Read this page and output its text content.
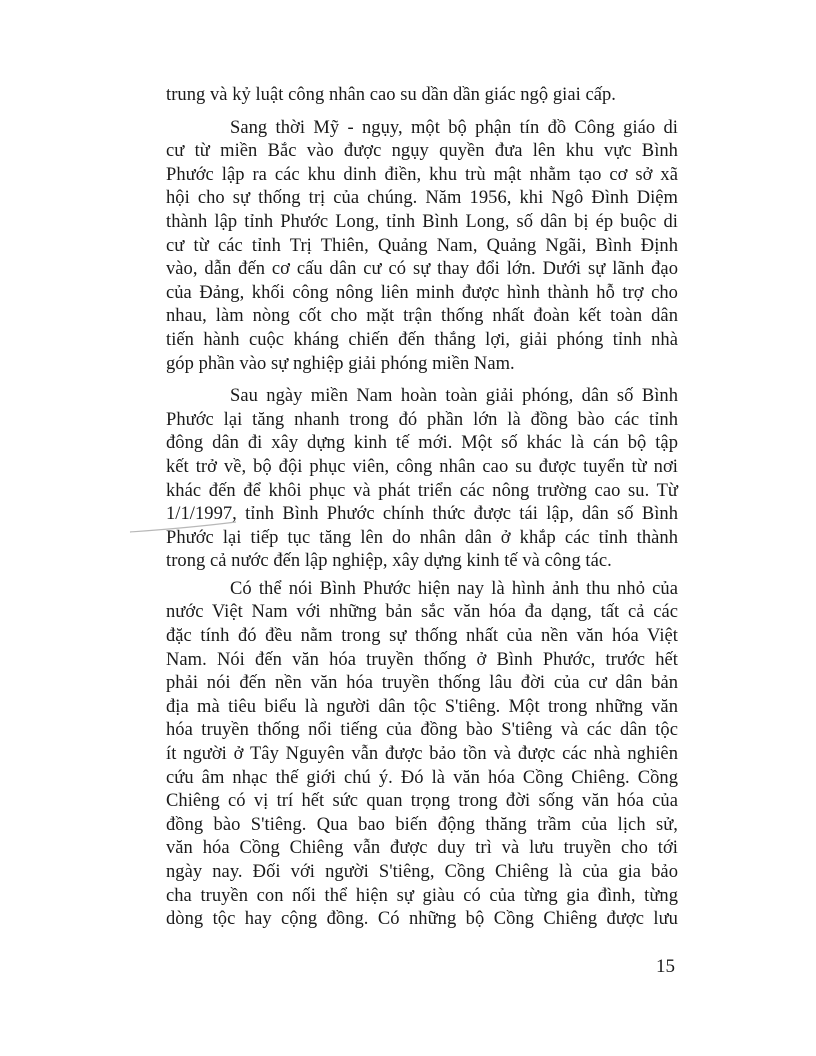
trung và kỷ luật công nhân cao su dần dần giác ngộ giai cấp.
Sang thời Mỹ - ngụy, một bộ phận tín đồ Công giáo di
cư từ miền Bắc vào được ngụy quyền đưa lên khu vực Bình
Phước lập ra các khu dinh điền, khu trù mật nhằm tạo cơ sở xã
hội cho sự thống trị của chúng. Năm 1956, khi Ngô Đình Diệm
thành lập tỉnh Phước Long, tỉnh Bình Long, số dân bị ép buộc di
cư từ các tỉnh Trị Thiên, Quảng Nam, Quảng Ngãi, Bình Định
vào, dẫn đến cơ cấu dân cư có sự thay đổi lớn. Dưới sự lãnh đạo
của Đảng, khối công nông liên minh được hình thành hỗ trợ cho
nhau, làm nòng cốt cho mặt trận thống nhất đoàn kết toàn dân
tiến hành cuộc kháng chiến đến thắng lợi, giải phóng tỉnh nhà
góp phần vào sự nghiệp giải phóng miền Nam.
Sau ngày miền Nam hoàn toàn giải phóng, dân số Bình
Phước lại tăng nhanh trong đó phần lớn là đồng bào các tỉnh
đông dân đi xây dựng kinh tế mới. Một số khác là cán bộ tập
kết trở về, bộ đội phục viên, công nhân cao su được tuyển từ nơi
khác đến để khôi phục và phát triển các nông trường cao su. Từ
1/1/1997, tỉnh Bình Phước chính thức được tái lập, dân số Bình
Phước lại tiếp tục tăng lên do nhân dân ở khắp các tỉnh thành
trong cả nước đến lập nghiệp, xây dựng kinh tế và công tác.
Có thể nói Bình Phước hiện nay là hình ảnh thu nhỏ của
nước Việt Nam với những bản sắc văn hóa đa dạng, tất cả các
đặc tính đó đều nằm trong sự thống nhất của nền văn hóa Việt
Nam. Nói đến văn hóa truyền thống ở Bình Phước, trước hết
phải nói đến nền văn hóa truyền thống lâu đời của cư dân bản
địa mà tiêu biểu là người dân tộc S'tiêng. Một trong những văn
hóa truyền thống nổi tiếng của đồng bào S'tiêng và các dân tộc
ít người ở Tây Nguyên vẫn được bảo tồn và được các nhà nghiên
cứu âm nhạc thế giới chú ý. Đó là văn hóa Cồng Chiêng. Cồng
Chiêng có vị trí hết sức quan trọng trong đời sống văn hóa của
đồng bào S'tiêng. Qua bao biến động thăng trầm của lịch sử,
văn hóa Cồng Chiêng vẫn được duy trì và lưu truyền cho tới
ngày nay. Đối với người S'tiêng, Cồng Chiêng là của gia bảo
cha truyền con nối thể hiện sự giàu có của từng gia đình, từng
dòng tộc hay cộng đồng. Có những bộ Cồng Chiêng được lưu
15
